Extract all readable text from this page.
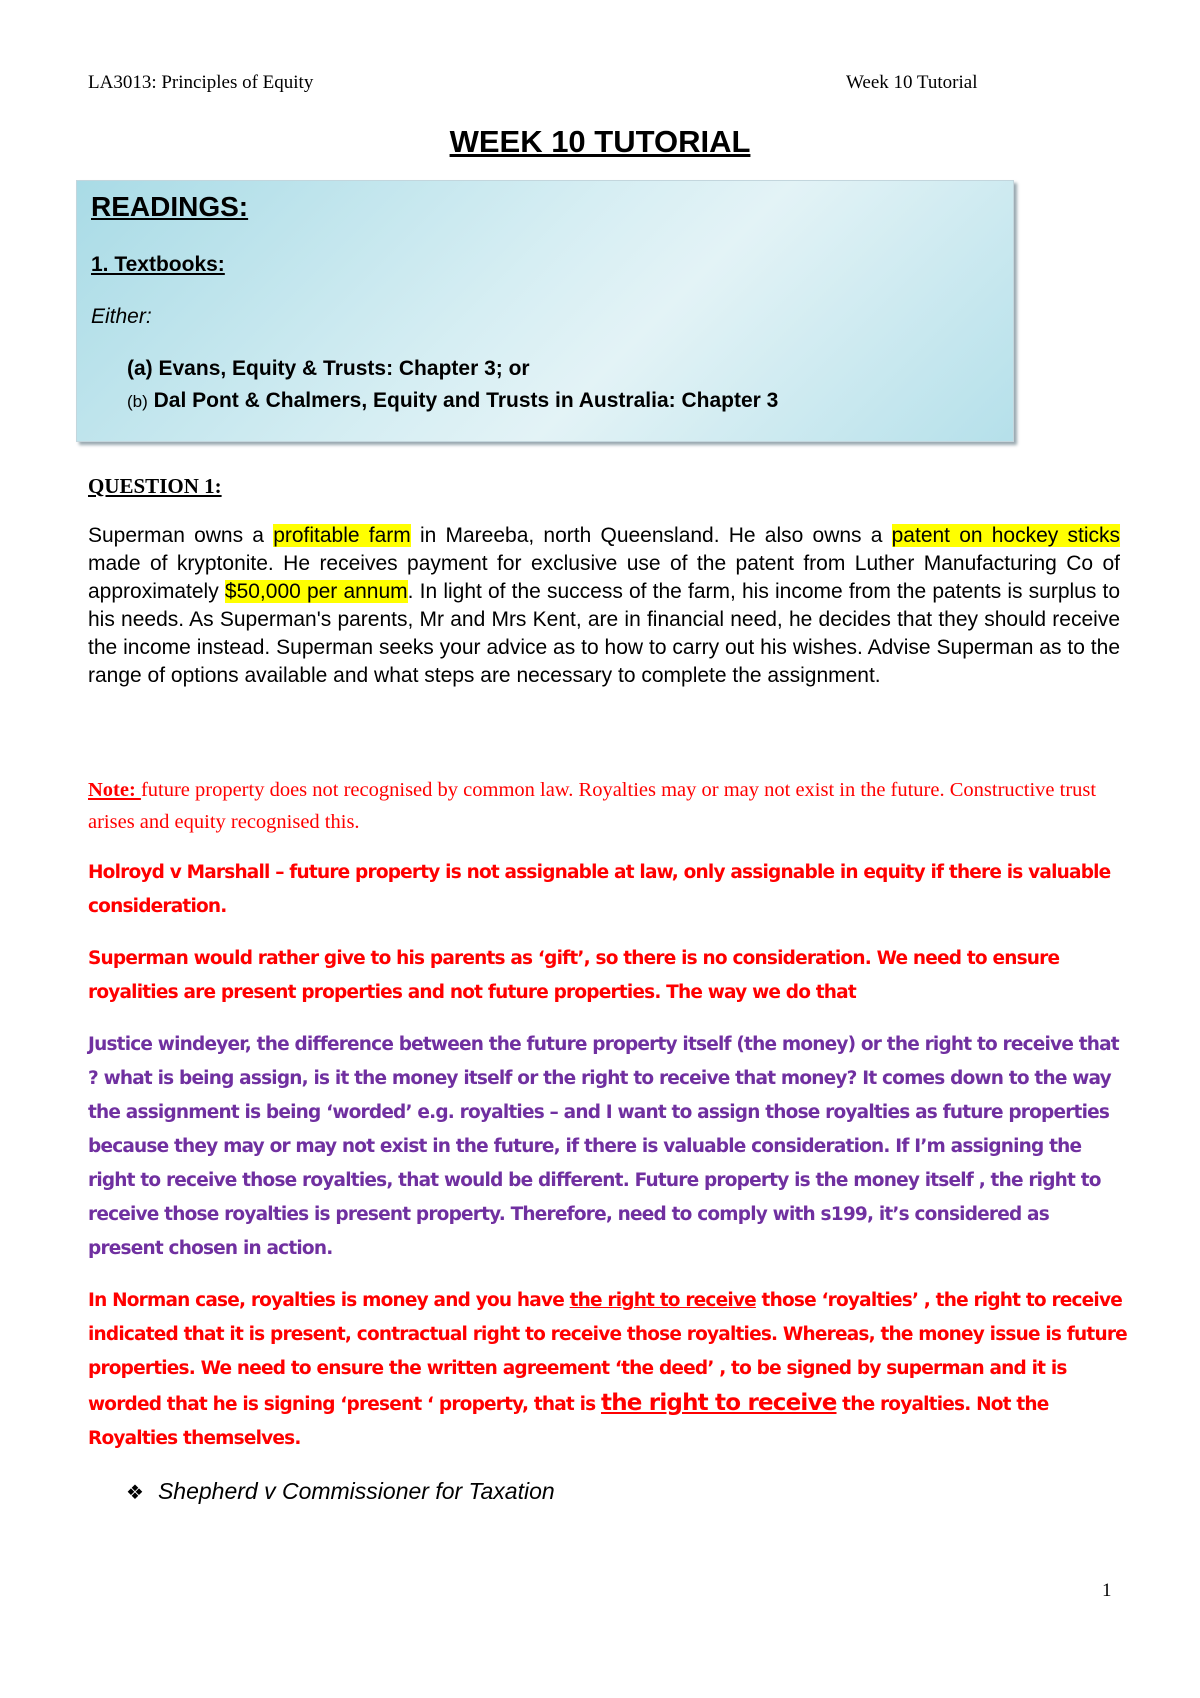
LA3013: Principles of Equity	Week 10 Tutorial
WEEK 10 TUTORIAL
READINGS:
1. Textbooks:
Either:
(a) Evans, Equity & Trusts: Chapter 3; or
(b) Dal Pont & Chalmers, Equity and Trusts in Australia: Chapter 3
QUESTION 1:
Superman owns a profitable farm in Mareeba, north Queensland. He also owns a patent on hockey sticks made of kryptonite. He receives payment for exclusive use of the patent from Luther Manufacturing Co of approximately $50,000 per annum. In light of the success of the farm, his income from the patents is surplus to his needs. As Superman's parents, Mr and Mrs Kent, are in financial need, he decides that they should receive the income instead. Superman seeks your advice as to how to carry out his wishes. Advise Superman as to the range of options available and what steps are necessary to complete the assignment.
Note: future property does not recognised by common law. Royalties may or may not exist in the future. Constructive trust arises and equity recognised this.
Holroyd v Marshall – future property is not assignable at law, only assignable in equity if there is valuable consideration.
Superman would rather give to his parents as ‘gift’, so there is no consideration. We need to ensure royalities are present properties and not future properties. The way we do that
Justice windeyer, the difference between the future property itself (the money) or the right to receive that ? what is being assign, is it the money itself or the right to receive that money? It comes down to the way the assignment is being ‘worded’ e.g. royalties – and I want to assign those royalties as future properties because they may or may not exist in the future, if there is valuable consideration. If I’m assigning the right to receive those royalties, that would be different. Future property is the money itself , the right to receive those royalties is present property. Therefore, need to comply with s199, it’s considered as present chosen in action.
In Norman case, royalties is money and you have the right to receive those ‘royalties’ , the right to receive indicated that it is present, contractual right to receive those royalties. Whereas, the money issue is future properties. We need to ensure the written agreement ‘the deed’ , to be signed by superman and it is worded that he is signing ‘present ‘ property, that is the right to receive the royalties. Not the Royalties themselves.
❖ Shepherd v Commissioner for Taxation
1
